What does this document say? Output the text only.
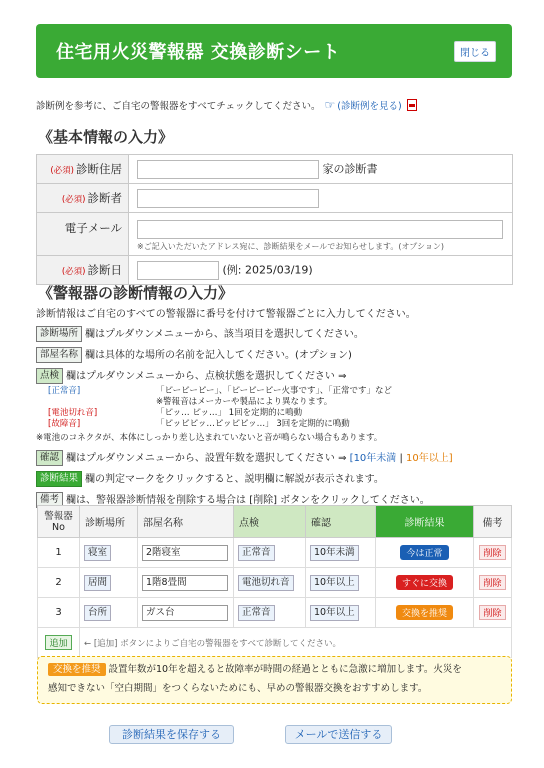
住宅用火災警報器 交換診断シート	閉じる
診断例を参考に、ご自宅の警報器をすべてチェックしてください。 ☞ (診断例を見る)
《基本情報の入力》
(必須) 診断住居	家の診断書
(必須) 診断者	
電子メール	※ご記入いただいたアドレス宛に、診断結果をメールでお知らせします。(オプション)

(必須) 診断日	(例: 2025/03/19)
《警報器の診断情報の入力》
診断情報はご自宅のすべての警報器に番号を付けて警報器ごとに入力してください。
診断場所 欄はプルダウンメニューから、該当項目を選択してください。
部屋名称 欄は具体的な場所の名前を記入してください。(オプション)
点検 欄はプルダウンメニューから、点検状態を選択してください ⇒
[正常音]	「ピーピーピー」、「ピーピーピー火事です」、「正常です」など
※警報音はメーカーや製品により異なります。
[電池切れ音]	「ピッ… ピッ…」 1回を定期的に鳴動
[故障音]	「ピッピピッ…ピッピピッ…」 3回を定期的に鳴動
※電池のコネクタが、本体にしっかり差し込まれていないと音が鳴らない場合もあります。
確認 欄はプルダウンメニューから、設置年数を選択してください ⇒
[10年未満 | 10年以上]
診断結果 欄の判定マークをクリックすると、説明欄に解説が表示されます。
備考 欄は、警報器診断情報を削除する場合は [削除] ボタンをクリックしてください。
警報器No	診断場所	部屋名称	点検	確認	診断結果	備考
1	寝室	2階寝室	正常音	10年未満	今は正常	削除
2	居間	1階8畳間	電池切れ音	10年以上	すぐに交換	削除
3	台所	ガス台	正常音	10年以上	交換を推奨	削除
追加	← [追加] ボタンによりご自宅の警報器をすべて診断してください。					
交換を推奨 設置年数が10年を超えると故障率が時間の経過とともに急激に増加します。火災を
感知できない「空白期間」をつくらないためにも、早めの警報器交換をおすすめします。
診断結果を保存する	メールで送信する
